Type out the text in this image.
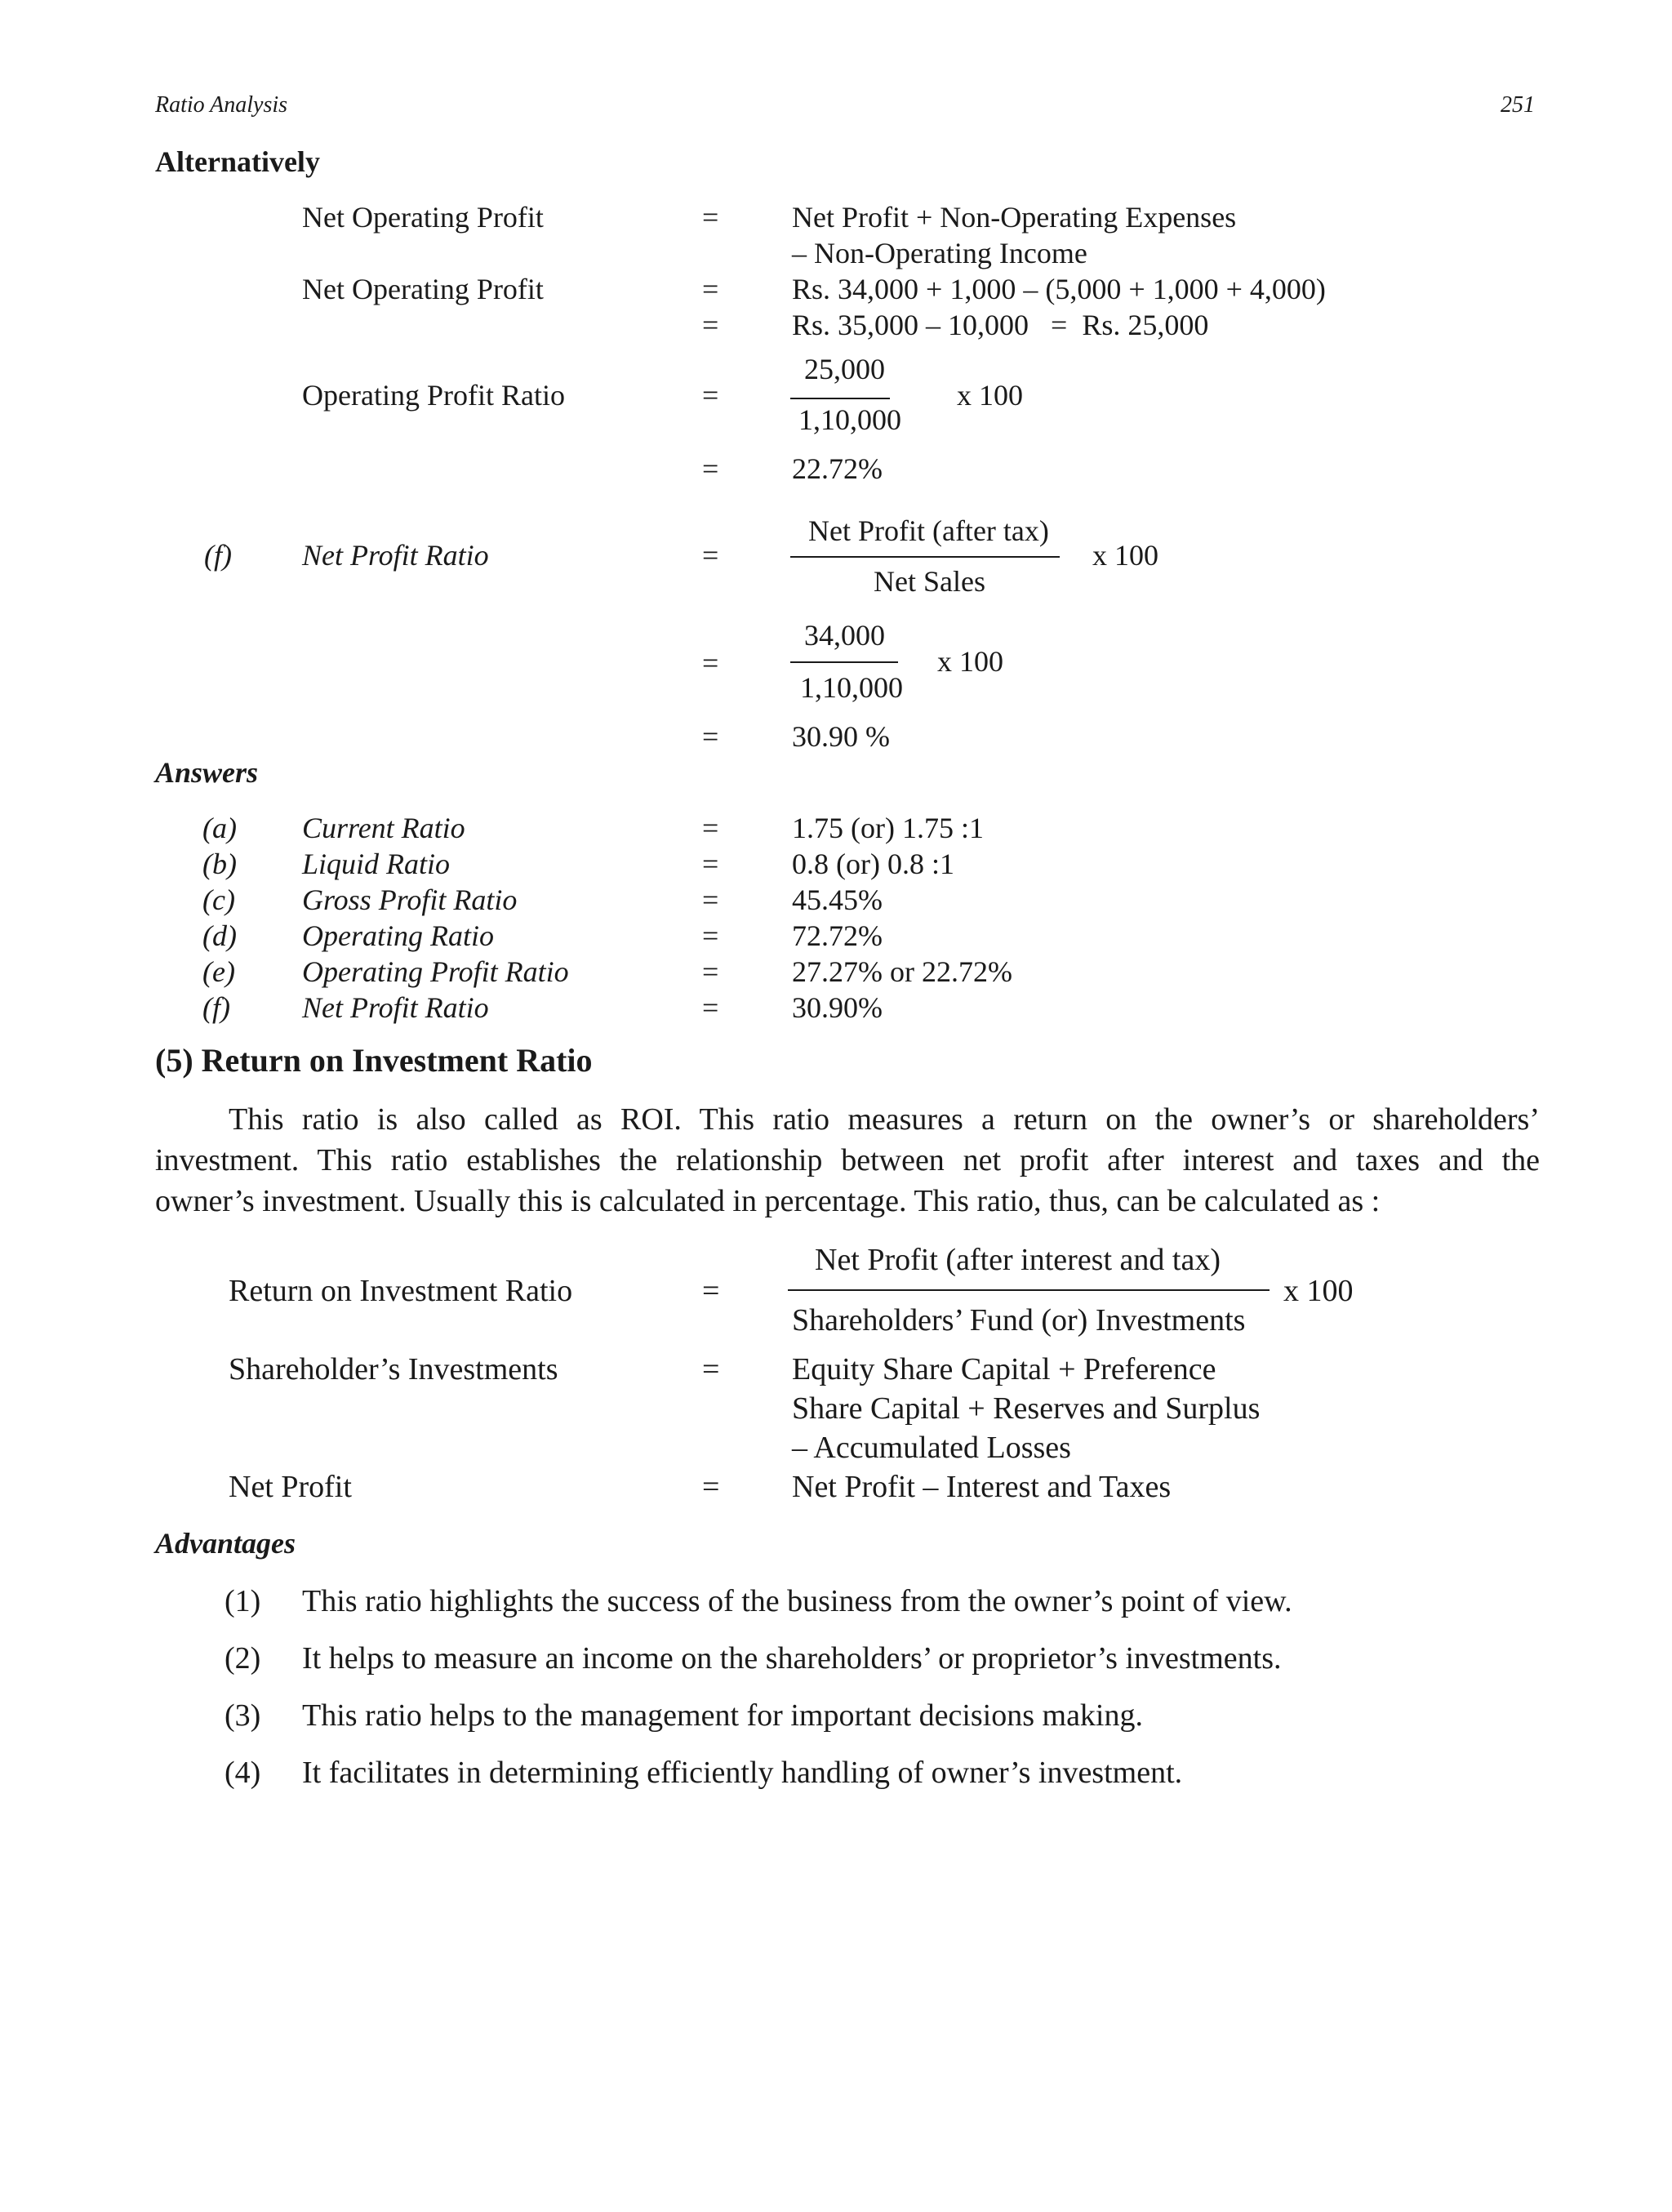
Ratio Analysis	251
Alternatively
Net Operating Profit	= Net Profit + Non-Operating Expenses
– Non-Operating Income
Net Operating Profit	= Rs. 34,000 + 1,000 – (5,000 + 1,000 + 4,000)
= Rs. 35,000 – 10,000   =  Rs. 25,000
25,000
Operating Profit Ratio	=	x 100
1,10,000
= 22.72%
Net Profit (after tax)
(f) Net Profit Ratio	=	x 100
Net Sales
34,000
=	x 100
1,10,000
= 30.90 %
Answers
(a) Current Ratio	= 1.75 (or) 1.75 :1
(b) Liquid Ratio	= 0.8 (or) 0.8 :1
(c) Gross Profit Ratio	= 45.45%
(d) Operating Ratio	= 72.72%
(e) Operating Profit Ratio	= 27.27% or 22.72%
(f) Net Profit Ratio	= 30.90%
(5) Return on Investment Ratio
This ratio is also called as ROI. This ratio measures a return on the owner’s or shareholders’
investment. This ratio establishes the relationship between net profit after interest and taxes and the
owner’s investment. Usually this is calculated in percentage. This ratio, thus, can be calculated as :
Net Profit (after interest and tax)
Return on Investment Ratio	=	x 100
Shareholders’ Fund (or) Investments
Shareholder’s Investments	= Equity Share Capital + Preference
Share Capital + Reserves and Surplus
– Accumulated Losses
Net Profit	= Net Profit – Interest and Taxes
Advantages
(1) This ratio highlights the success of the business from the owner’s point of view.
(2) It helps to measure an income on the shareholders’ or proprietor’s investments.
(3) This ratio helps to the management for important decisions making.
(4) It facilitates in determining efficiently handling of owner’s investment.
